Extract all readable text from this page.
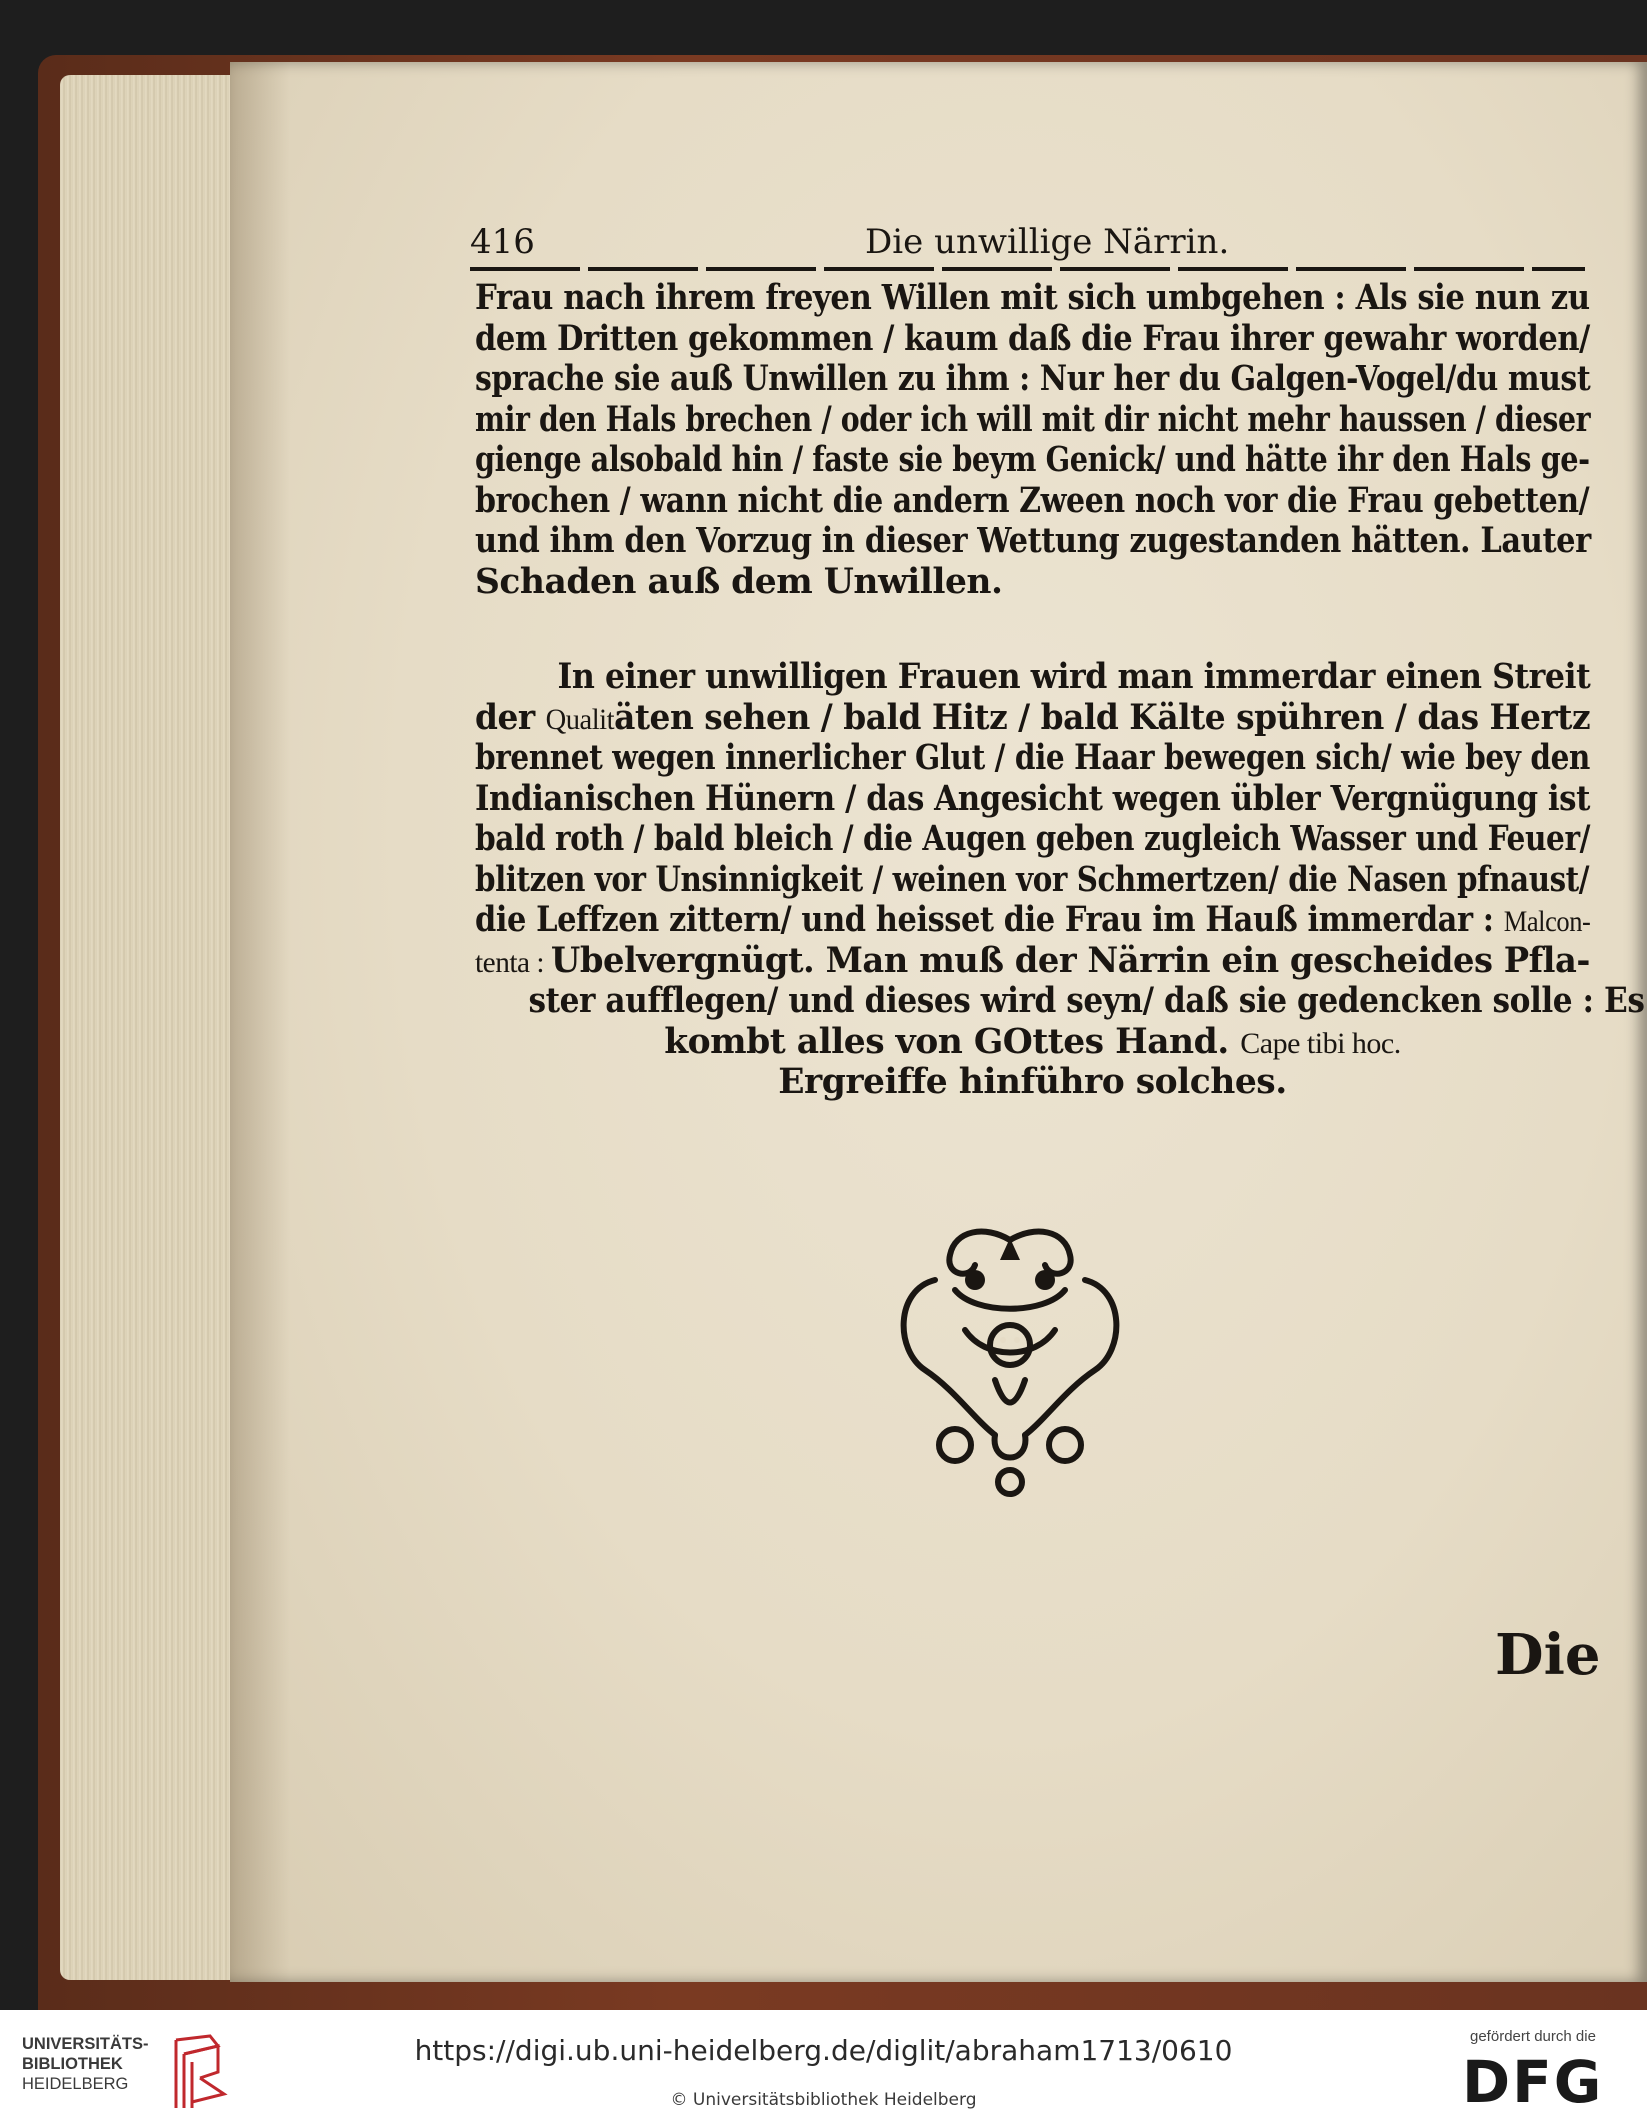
416	Die unwillige Närrin.
Frau nach ihrem freyen Willen mit sich umbgehen : Als sie nun zu
dem Dritten gekommen / kaum daß die Frau ihrer gewahr worden/
sprache sie auß Unwillen zu ihm : Nur her du Galgen-Vogel/du must
mir den Hals brechen / oder ich will mit dir nicht mehr haussen / dieser
gienge alsobald hin / faste sie beym Genick/ und hätte ihr den Hals ge-
brochen / wann nicht die andern Zween noch vor die Frau gebetten/
und ihm den Vorzug in dieser Wettung zugestanden hätten. Lauter
Schaden auß dem Unwillen.
In einer unwilligen Frauen wird man immerdar einen Streit
der Qualitäten sehen / bald Hitz / bald Kälte spühren / das Hertz
brennet wegen innerlicher Glut / die Haar bewegen sich/ wie bey den
Indianischen Hünern / das Angesicht wegen übler Vergnügung ist
bald roth / bald bleich / die Augen geben zugleich Wasser und Feuer/
blitzen vor Unsinnigkeit / weinen vor Schmertzen/ die Nasen pfnaust/
die Leffzen zittern/ und heisset die Frau im Hauß immerdar : Malcon-
tenta : Ubelvergnügt. Man muß der Närrin ein gescheides Pfla-
ster aufflegen/ und dieses wird seyn/ daß sie gedencken solle : Es
kombt alles von GOttes Hand. Cape tibi hoc.
Ergreiffe hinführo solches.
Die
UNIVERSITÄTS-
BIBLIOTHEK
HEIDELBERG
https://digi.ub.uni-heidelberg.de/diglit/abraham1713/0610
© Universitätsbibliothek Heidelberg
gefördert durch die
DFG
